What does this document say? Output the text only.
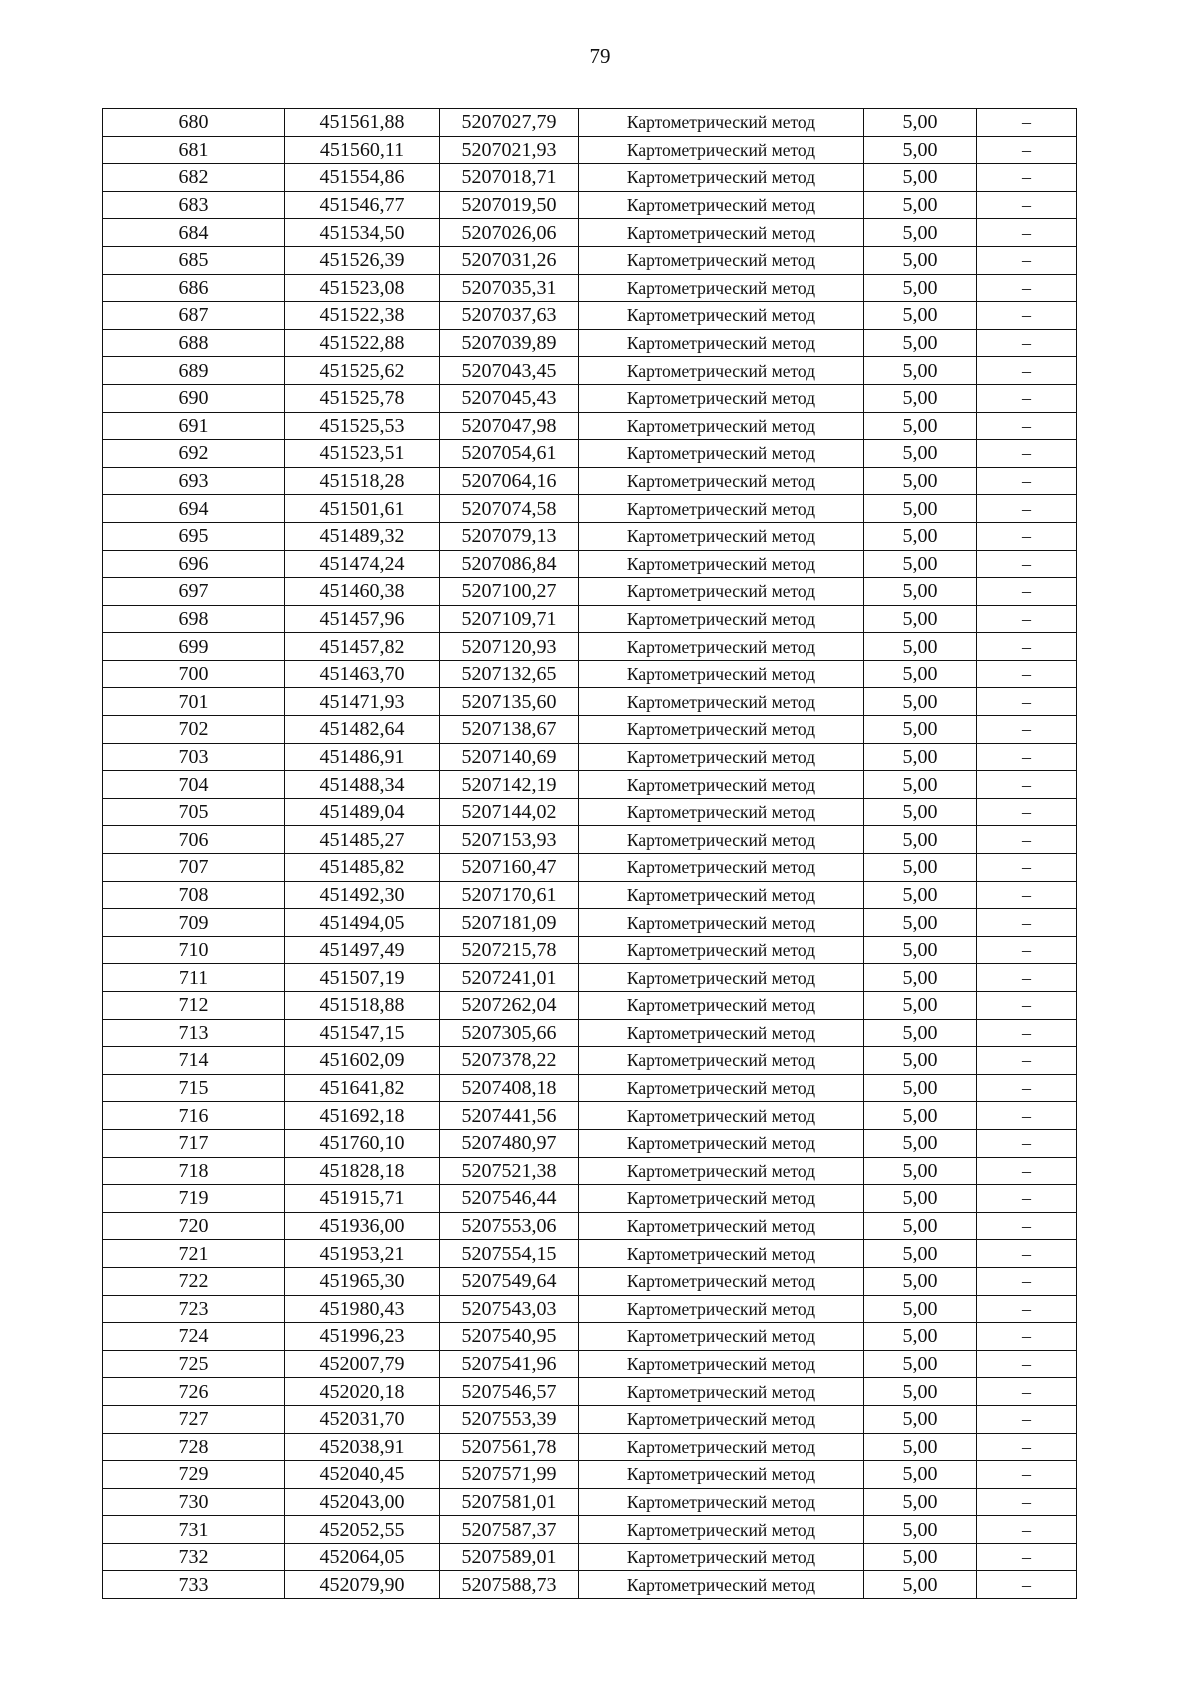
79
680	451561,88	5207027,79	Картометрический метод	5,00	–
681	451560,11	5207021,93	Картометрический метод	5,00	–
682	451554,86	5207018,71	Картометрический метод	5,00	–
683	451546,77	5207019,50	Картометрический метод	5,00	–
684	451534,50	5207026,06	Картометрический метод	5,00	–
685	451526,39	5207031,26	Картометрический метод	5,00	–
686	451523,08	5207035,31	Картометрический метод	5,00	–
687	451522,38	5207037,63	Картометрический метод	5,00	–
688	451522,88	5207039,89	Картометрический метод	5,00	–
689	451525,62	5207043,45	Картометрический метод	5,00	–
690	451525,78	5207045,43	Картометрический метод	5,00	–
691	451525,53	5207047,98	Картометрический метод	5,00	–
692	451523,51	5207054,61	Картометрический метод	5,00	–
693	451518,28	5207064,16	Картометрический метод	5,00	–
694	451501,61	5207074,58	Картометрический метод	5,00	–
695	451489,32	5207079,13	Картометрический метод	5,00	–
696	451474,24	5207086,84	Картометрический метод	5,00	–
697	451460,38	5207100,27	Картометрический метод	5,00	–
698	451457,96	5207109,71	Картометрический метод	5,00	–
699	451457,82	5207120,93	Картометрический метод	5,00	–
700	451463,70	5207132,65	Картометрический метод	5,00	–
701	451471,93	5207135,60	Картометрический метод	5,00	–
702	451482,64	5207138,67	Картометрический метод	5,00	–
703	451486,91	5207140,69	Картометрический метод	5,00	–
704	451488,34	5207142,19	Картометрический метод	5,00	–
705	451489,04	5207144,02	Картометрический метод	5,00	–
706	451485,27	5207153,93	Картометрический метод	5,00	–
707	451485,82	5207160,47	Картометрический метод	5,00	–
708	451492,30	5207170,61	Картометрический метод	5,00	–
709	451494,05	5207181,09	Картометрический метод	5,00	–
710	451497,49	5207215,78	Картометрический метод	5,00	–
711	451507,19	5207241,01	Картометрический метод	5,00	–
712	451518,88	5207262,04	Картометрический метод	5,00	–
713	451547,15	5207305,66	Картометрический метод	5,00	–
714	451602,09	5207378,22	Картометрический метод	5,00	–
715	451641,82	5207408,18	Картометрический метод	5,00	–
716	451692,18	5207441,56	Картометрический метод	5,00	–
717	451760,10	5207480,97	Картометрический метод	5,00	–
718	451828,18	5207521,38	Картометрический метод	5,00	–
719	451915,71	5207546,44	Картометрический метод	5,00	–
720	451936,00	5207553,06	Картометрический метод	5,00	–
721	451953,21	5207554,15	Картометрический метод	5,00	–
722	451965,30	5207549,64	Картометрический метод	5,00	–
723	451980,43	5207543,03	Картометрический метод	5,00	–
724	451996,23	5207540,95	Картометрический метод	5,00	–
725	452007,79	5207541,96	Картометрический метод	5,00	–
726	452020,18	5207546,57	Картометрический метод	5,00	–
727	452031,70	5207553,39	Картометрический метод	5,00	–
728	452038,91	5207561,78	Картометрический метод	5,00	–
729	452040,45	5207571,99	Картометрический метод	5,00	–
730	452043,00	5207581,01	Картометрический метод	5,00	–
731	452052,55	5207587,37	Картометрический метод	5,00	–
732	452064,05	5207589,01	Картометрический метод	5,00	–
733	452079,90	5207588,73	Картометрический метод	5,00	–
